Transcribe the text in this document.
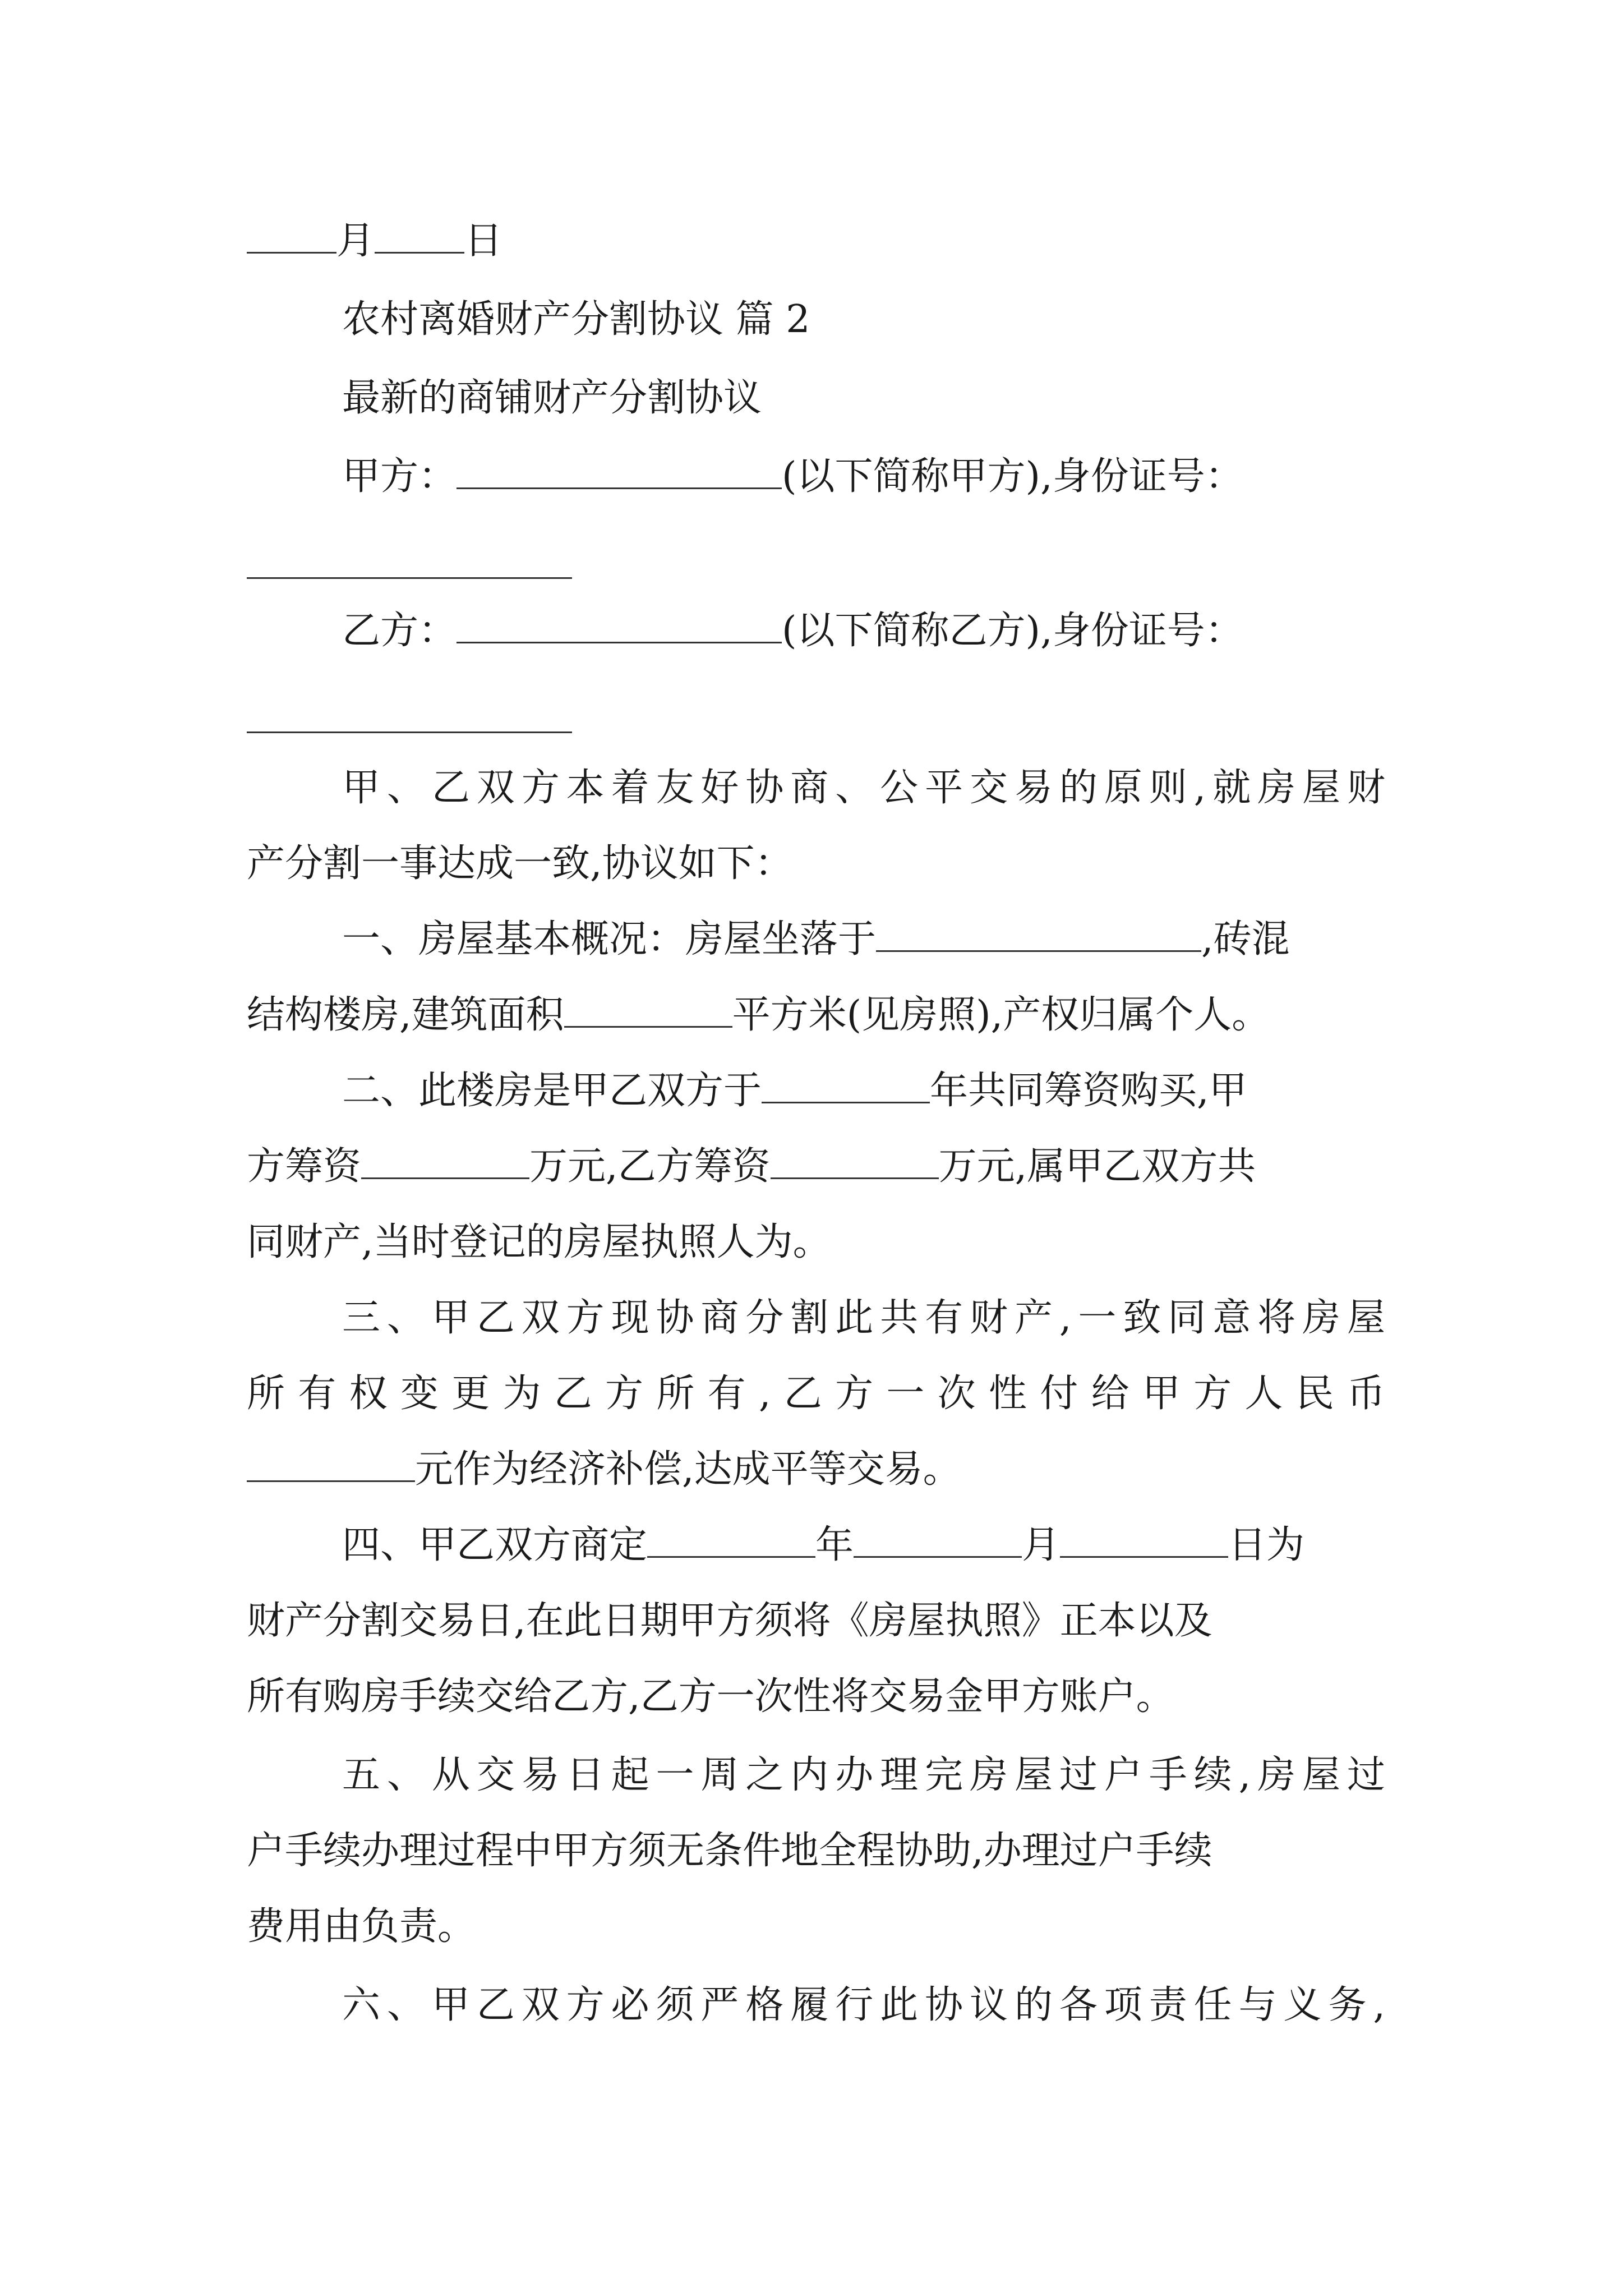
月 日
农村离婚财产分割协议 篇 2
最新的商铺财产分割协议
甲方：	(以下简称甲方),身份证号：
乙方：	(以下简称乙方),身份证号：
甲、乙双方本着友好协商、公平交易的原则,就房屋财
产分割一事达成一致,协议如下：
一、房屋基本概况：房屋坐落于	,砖混
结构楼房,建筑面积	平方米(见房照),产权归属个人。
二、此楼房是甲乙双方于	年共同筹资购买,甲
方筹资	万元,乙方筹资	万元,属甲乙双方共
同财产,当时登记的房屋执照人为。
三、甲乙双方现协商分割此共有财产,一致同意将房屋
所有权变更为乙方所有,乙方一次性付给甲方人民币
元作为经济补偿,达成平等交易。
四、甲乙双方商定	年	月	日为
财产分割交易日,在此日期甲方须将《房屋执照》正本以及
所有购房手续交给乙方,乙方一次性将交易金甲方账户。
五、从交易日起一周之内办理完房屋过户手续,房屋过
户手续办理过程中甲方须无条件地全程协助,办理过户手续
费用由负责。
六、甲乙双方必须严格履行此协议的各项责任与义务,
